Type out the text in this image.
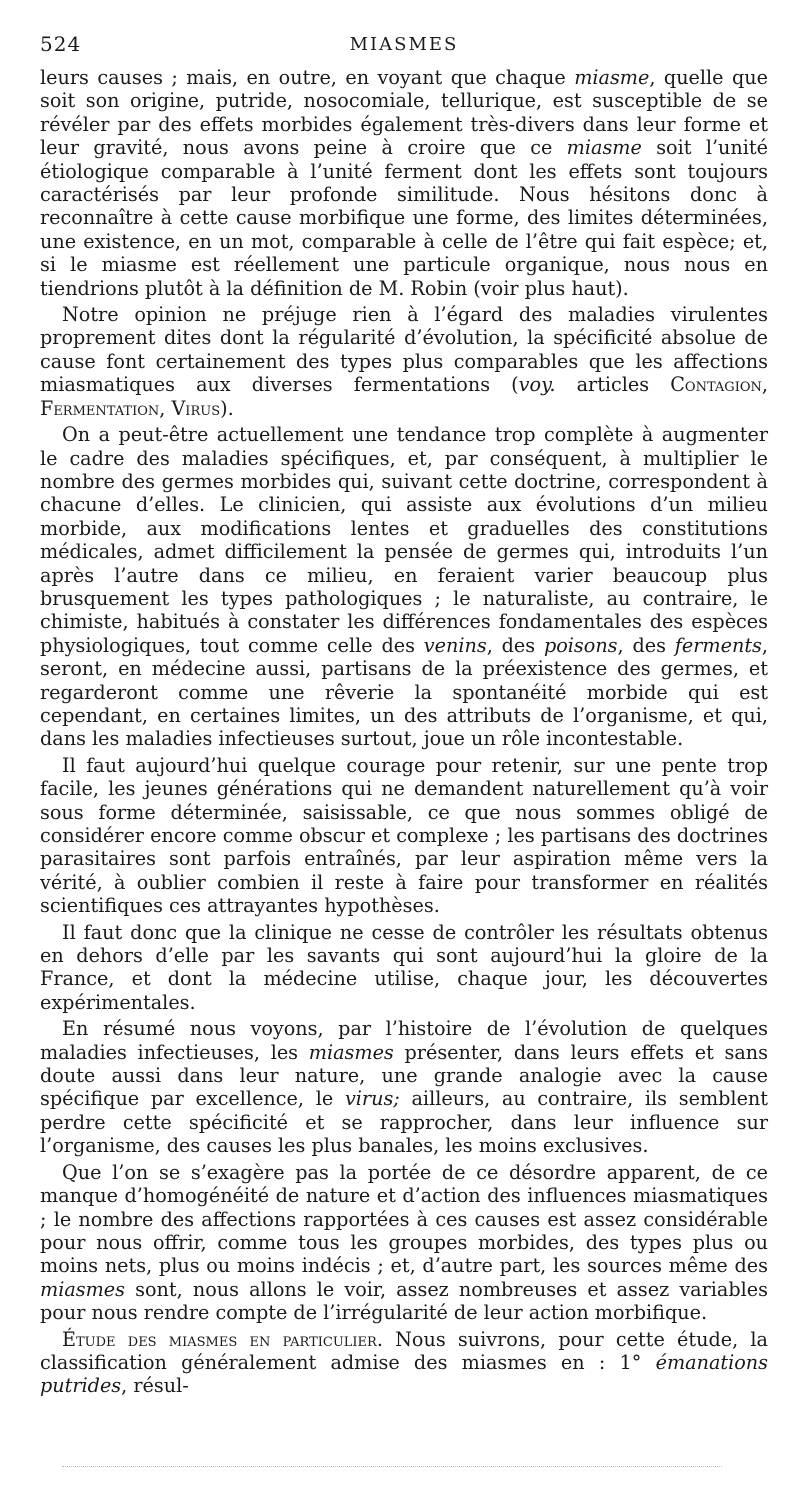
524	MIASMES

leurs causes ; mais, en outre, en voyant que chaque miasme, quelle que soit son origine, putride, nosocomiale, tellurique, est susceptible de se révéler par des effets morbides également très-divers dans leur forme et leur gravité, nous avons peine à croire que ce miasme soit l’unité étiologique comparable à l’unité ferment dont les effets sont toujours caractérisés par leur profonde similitude. Nous hésitons donc à reconnaître à cette cause morbifique une forme, des limites déterminées, une existence, en un mot, comparable à celle de l’être qui fait espèce; et, si le miasme est réellement une particule organique, nous nous en tiendrions plutôt à la définition de M. Robin (voir plus haut).

Notre opinion ne préjuge rien à l’égard des maladies virulentes proprement dites dont la régularité d’évolution, la spécificité absolue de cause font certainement des types plus comparables que les affections miasmatiques aux diverses fermentations (voy. articles Contagion, Fermentation, Virus).

On a peut-être actuellement une tendance trop complète à augmenter le cadre des maladies spécifiques, et, par conséquent, à multiplier le nombre des germes morbides qui, suivant cette doctrine, correspondent à chacune d’elles. Le clinicien, qui assiste aux évolutions d’un milieu morbide, aux modifications lentes et graduelles des constitutions médicales, admet difficilement la pensée de germes qui, introduits l’un après l’autre dans ce milieu, en feraient varier beaucoup plus brusquement les types pathologiques ; le naturaliste, au contraire, le chimiste, habitués à constater les différences fondamentales des espèces physiologiques, tout comme celle des venins, des poisons, des ferments, seront, en médecine aussi, partisans de la préexistence des germes, et regarderont comme une rêverie la spontanéité morbide qui est cependant, en certaines limites, un des attributs de l’organisme, et qui, dans les maladies infectieuses surtout, joue un rôle incontestable.

Il faut aujourd’hui quelque courage pour retenir, sur une pente trop facile, les jeunes générations qui ne demandent naturellement qu’à voir sous forme déterminée, saisissable, ce que nous sommes obligé de considérer encore comme obscur et complexe ; les partisans des doctrines parasitaires sont parfois entraînés, par leur aspiration même vers la vérité, à oublier combien il reste à faire pour transformer en réalités scientifiques ces attrayantes hypothèses.

Il faut donc que la clinique ne cesse de contrôler les résultats obtenus en dehors d’elle par les savants qui sont aujourd’hui la gloire de la France, et dont la médecine utilise, chaque jour, les découvertes expérimentales.

En résumé nous voyons, par l’histoire de l’évolution de quelques maladies infectieuses, les miasmes présenter, dans leurs effets et sans doute aussi dans leur nature, une grande analogie avec la cause spécifique par excellence, le virus; ailleurs, au contraire, ils semblent perdre cette spécificité et se rapprocher, dans leur influence sur l’organisme, des causes les plus banales, les moins exclusives.

Que l’on se s’exagère pas la portée de ce désordre apparent, de ce manque d’homogénéité de nature et d’action des influences miasmatiques ; le nombre des affections rapportées à ces causes est assez considérable pour nous offrir, comme tous les groupes morbides, des types plus ou moins nets, plus ou moins indécis ; et, d’autre part, les sources même des miasmes sont, nous allons le voir, assez nombreuses et assez variables pour nous rendre compte de l’irrégularité de leur action morbifique.

Étude des miasmes en particulier. Nous suivrons, pour cette étude, la classification généralement admise des miasmes en : 1° émanations putrides, résul-
